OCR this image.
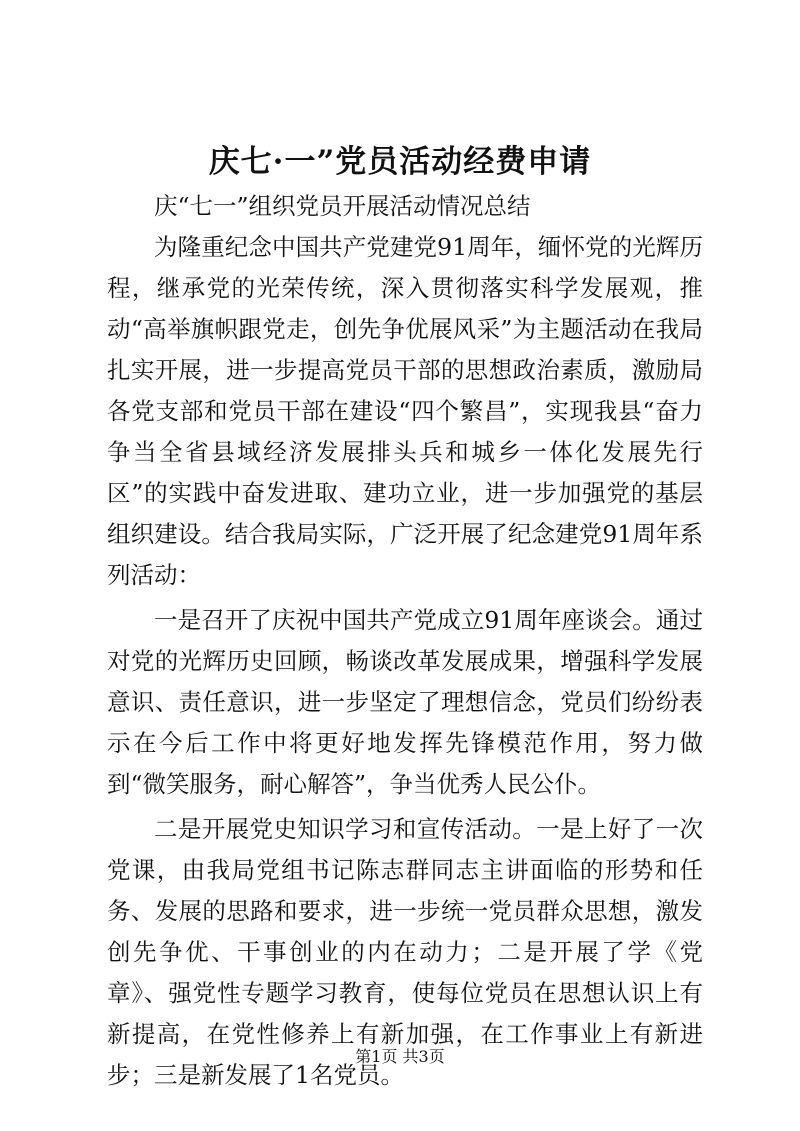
庆七·一”党员活动经费申请

庆“七一”组织党员开展活动情况总结

为隆重纪念中国共产党建党91周年，缅怀党的光辉历程，继承党的光荣传统，深入贯彻落实科学发展观，推动“高举旗帜跟党走，创先争优展风采”为主题活动在我局扎实开展，进一步提高党员干部的思想政治素质，激励局各党支部和党员干部在建设“四个繁昌”，实现我县“奋力争当全省县域经济发展排头兵和城乡一体化发展先行区”的实践中奋发进取、建功立业，进一步加强党的基层组织建设。结合我局实际，广泛开展了纪念建党91周年系列活动：

一是召开了庆祝中国共产党成立91周年座谈会。通过对党的光辉历史回顾，畅谈改革发展成果，增强科学发展意识、责任意识，进一步坚定了理想信念，党员们纷纷表示在今后工作中将更好地发挥先锋模范作用，努力做到“微笑服务，耐心解答”，争当优秀人民公仆。

二是开展党史知识学习和宣传活动。一是上好了一次党课，由我局党组书记陈志群同志主讲面临的形势和任务、发展的思路和要求，进一步统一党员群众思想，激发创先争优、干事创业的内在动力；二是开展了学《党章》、强党性专题学习教育，使每位党员在思想认识上有新提高，在党性修养上有新加强，在工作事业上有新进步；三是新发展了1名党员。

第1页 共3页
